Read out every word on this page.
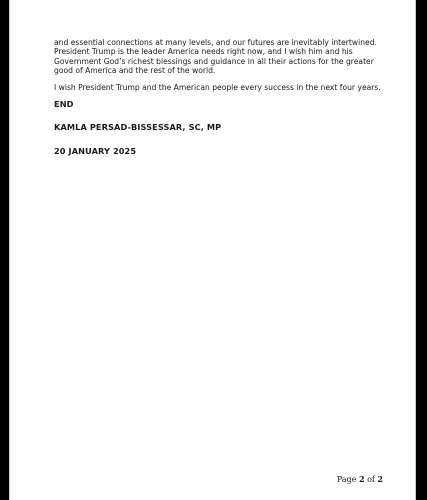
and essential connections at many levels, and our futures are inevitably intertwined.
President Trump is the leader America needs right now, and I wish him and his
Government God’s richest blessings and guidance in all their actions for the greater
good of America and the rest of the world.

I wish President Trump and the American people every success in the next four years.

END
KAMLA PERSAD-BISSESSAR, SC, MP
20 JANUARY 2025
Page 2 of 2
